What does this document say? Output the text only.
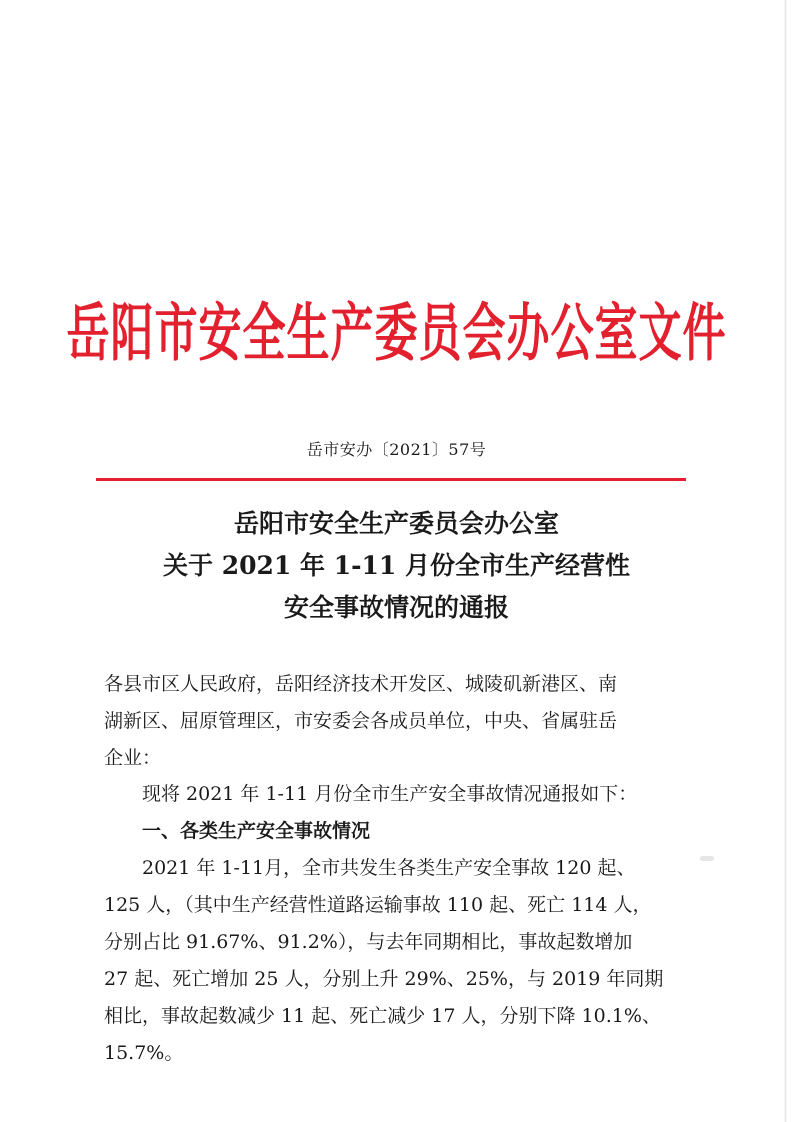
岳阳市安全生产委员会办公室文件
岳市安办〔2021〕57号
岳阳市安全生产委员会办公室
关于 2021 年 1-11 月份全市生产经营性
安全事故情况的通报
各县市区人民政府，岳阳经济技术开发区、城陵矶新港区、南
湖新区、屈原管理区，市安委会各成员单位，中央、省属驻岳
企业：
现将 2021 年 1-11 月份全市生产安全事故情况通报如下：
一、各类生产安全事故情况
2021 年 1-11月，全市共发生各类生产安全事故 120 起、
125 人，（其中生产经营性道路运输事故 110 起、死亡 114 人，
分别占比 91.67%、91.2%），与去年同期相比，事故起数增加
27 起、死亡增加 25 人，分别上升 29%、25%，与 2019 年同期
相比，事故起数减少 11 起、死亡减少 17 人，分别下降 10.1%、
15.7%。
